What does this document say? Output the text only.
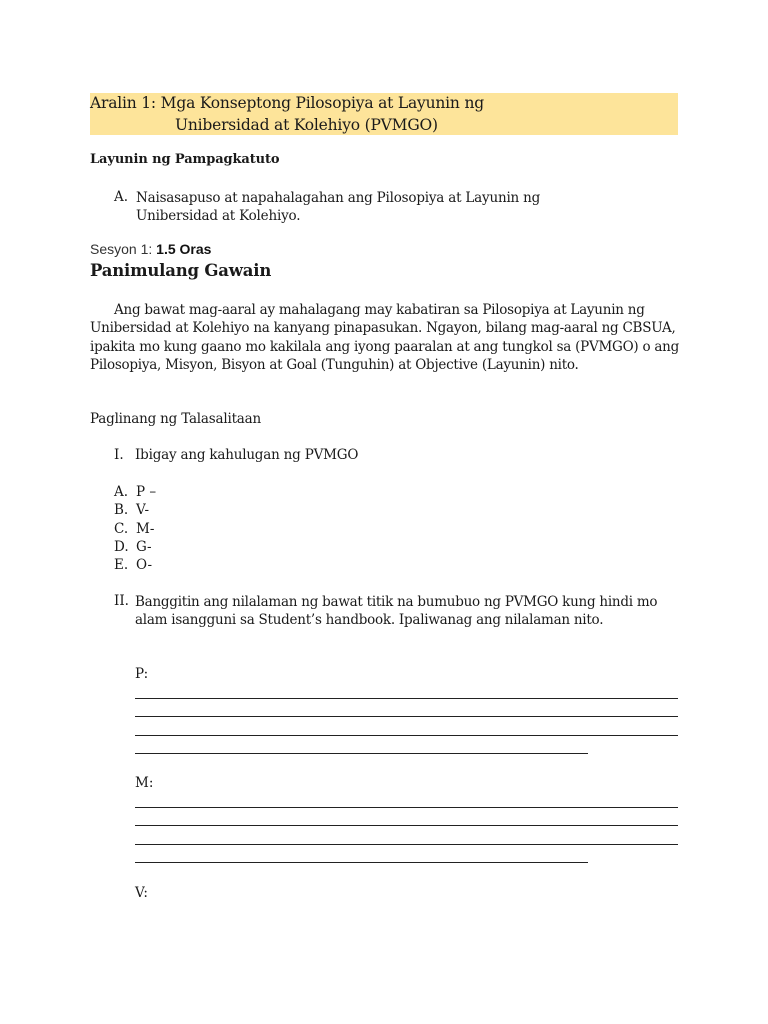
Aralin 1: Mga Konseptong Pilosopiya at Layunin ng
Unibersidad at Kolehiyo (PVMGO)
Layunin ng Pampagkatuto
A. Naisasapuso at napahalagahan ang Pilosopiya at Layunin ng Unibersidad at Kolehiyo.
Sesyon 1: 1.5 Oras
Panimulang Gawain
Ang bawat mag-aaral ay mahalagang may kabatiran sa Pilosopiya at Layunin ng Unibersidad at Kolehiyo na kanyang pinapasukan. Ngayon, bilang mag-aaral ng CBSUA, ipakita mo kung gaano mo kakilala ang iyong paaralan at ang tungkol sa (PVMGO) o ang Pilosopiya, Misyon, Bisyon at Goal (Tunguhin) at Objective (Layunin) nito.
Paglinang ng Talasalitaan
I. Ibigay ang kahulugan ng PVMGO
A. P –
B. V-
C. M-
D. G-
E. O-
II. Banggitin ang nilalaman ng bawat titik na bumubuo ng PVMGO kung hindi mo alam isangguni sa Student’s handbook. Ipaliwanag ang nilalaman nito.
P:
M:
V:
